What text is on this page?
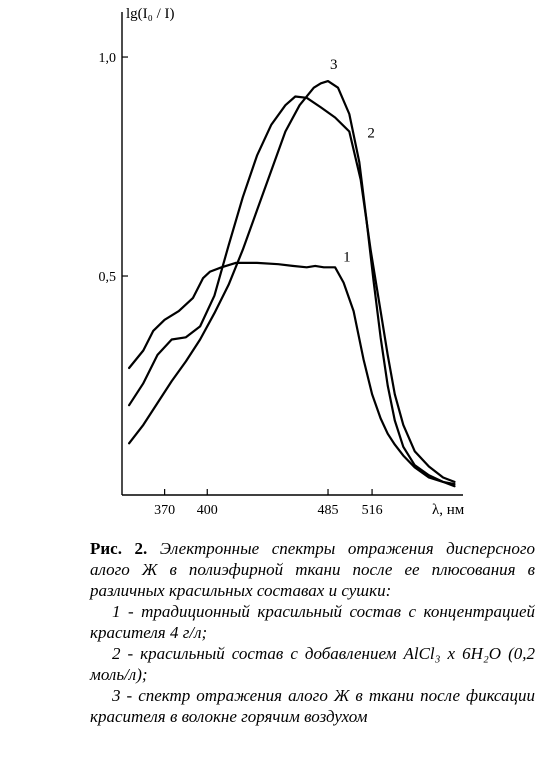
lg(I₀ / I)
λ, нм
370 400	485 516
0,5
1,0
1
2
3

Рис. 2. Электронные спектры отражения дисперсного алого Ж в полиэфирной ткани после ее плюсования в различных красильных составах и сушки:

1 - традиционный красильный состав с концентрацией красителя 4 г/л;

2 - красильный состав с добавлением AlCl₃ x 6H₂O (0,2 моль/л);

3 - спектр отражения алого Ж в ткани после фиксации красителя в волокне горячим воздухом
